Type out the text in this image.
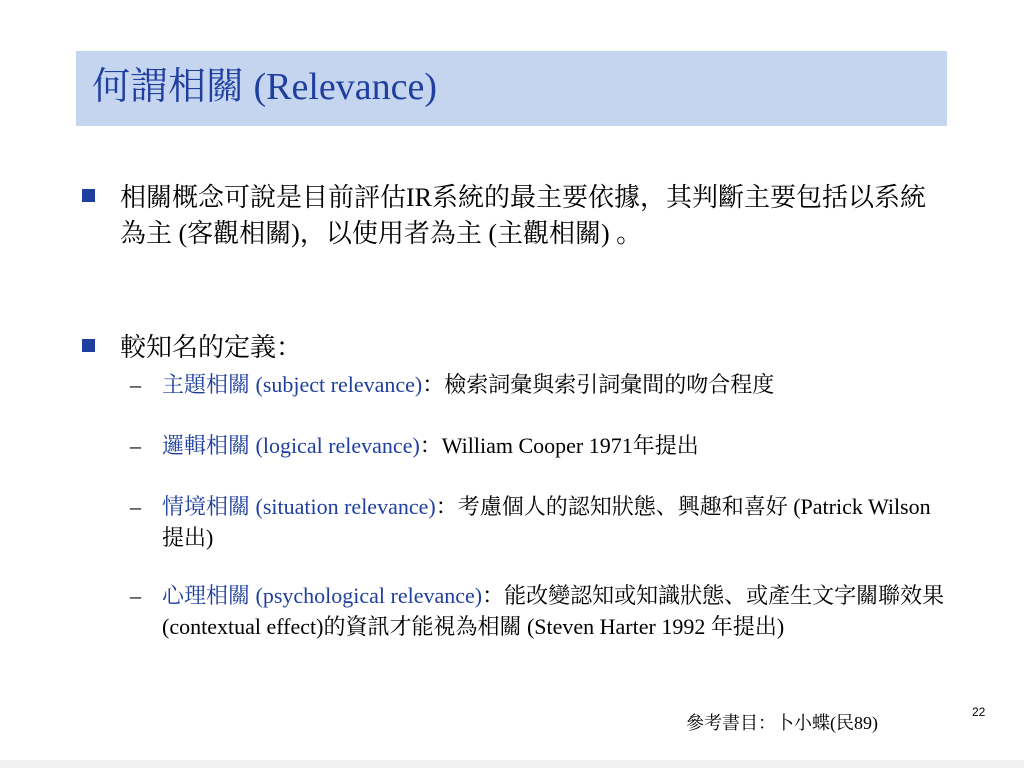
何謂相關 (Relevance)
相關概念可說是目前評估IR系統的最主要依據，其判斷主要包括以系統為主 (客觀相關)，以使用者為主 (主觀相關) 。
較知名的定義：
– 主題相關 (subject relevance)：檢索詞彙與索引詞彙間的吻合程度
– 邏輯相關 (logical relevance)：William Cooper 1971年提出
– 情境相關 (situation relevance)：考慮個人的認知狀態、興趣和喜好 (Patrick Wilson提出)
– 心理相關 (psychological relevance)：能改變認知或知識狀態、或產生文字關聯效果(contextual effect)的資訊才能視為相關 (Steven Harter 1992 年提出)
參考書目：卜小蝶(民89)
22
